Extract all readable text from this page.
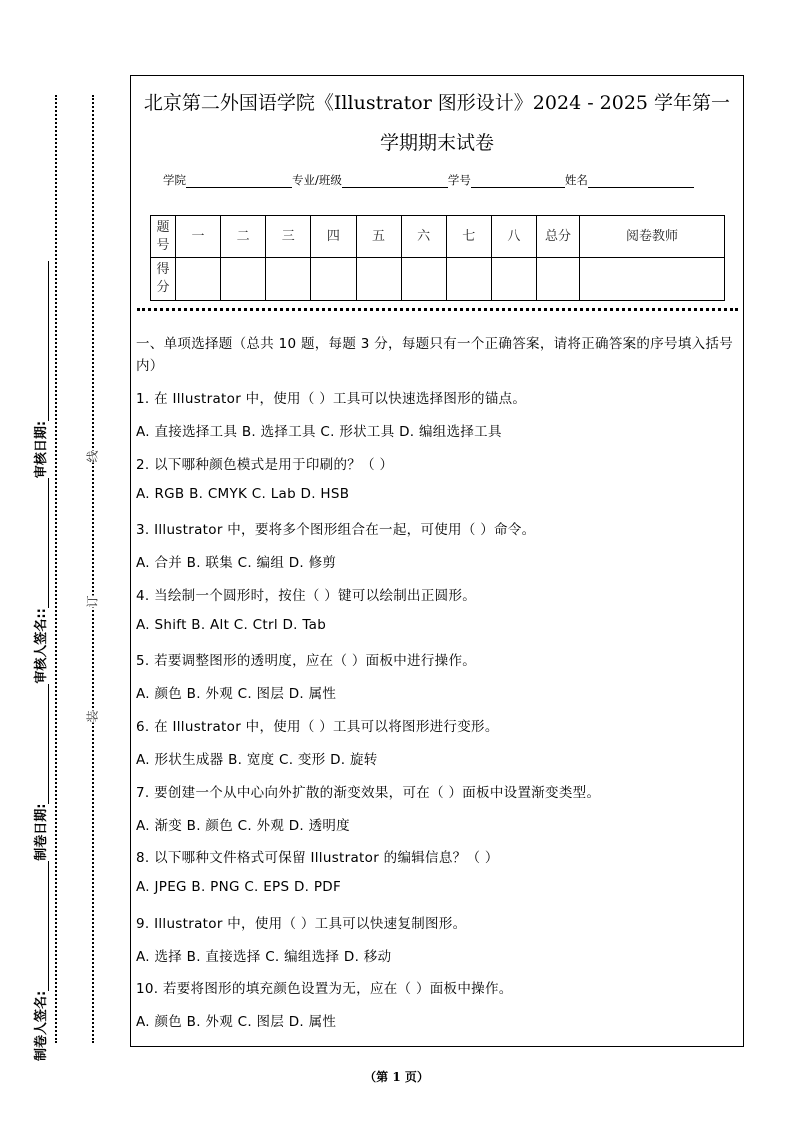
制卷人签名:
制卷日期:
审核人签名::
审核日期:	线
订
装
北京第二外国语学院《Illustrator 图形设计》2024 - 2025 学年第一
学期期末试卷
学院	专业/班级	学号	姓名
题号	一	二	三	四	五	六	七	八	总分	阅卷教师
得分										
一、单项选择题（总共 10 题，每题 3 分，每题只有一个正确答案，请将正确答案的序号填入括号内）
1. 在 Illustrator 中，使用（ ）工具可以快速选择图形的锚点。
A. 直接选择工具 B. 选择工具 C. 形状工具 D. 编组选择工具
2. 以下哪种颜色模式是用于印刷的？（ ）
A. RGB B. CMYK C. Lab D. HSB
3. Illustrator 中，要将多个图形组合在一起，可使用（ ）命令。
A. 合并 B. 联集 C. 编组 D. 修剪
4. 当绘制一个圆形时，按住（ ）键可以绘制出正圆形。
A. Shift B. Alt C. Ctrl D. Tab
5. 若要调整图形的透明度，应在（ ）面板中进行操作。
A. 颜色 B. 外观 C. 图层 D. 属性
6. 在 Illustrator 中，使用（ ）工具可以将图形进行变形。
A. 形状生成器 B. 宽度 C. 变形 D. 旋转
7. 要创建一个从中心向外扩散的渐变效果，可在（ ）面板中设置渐变类型。
A. 渐变 B. 颜色 C. 外观 D. 透明度
8. 以下哪种文件格式可保留 Illustrator 的编辑信息？（ ）
A. JPEG B. PNG C. EPS D. PDF
9. Illustrator 中，使用（ ）工具可以快速复制图形。
A. 选择 B. 直接选择 C. 编组选择 D. 移动
10. 若要将图形的填充颜色设置为无，应在（ ）面板中操作。
A. 颜色 B. 外观 C. 图层 D. 属性
（第 1 页）
